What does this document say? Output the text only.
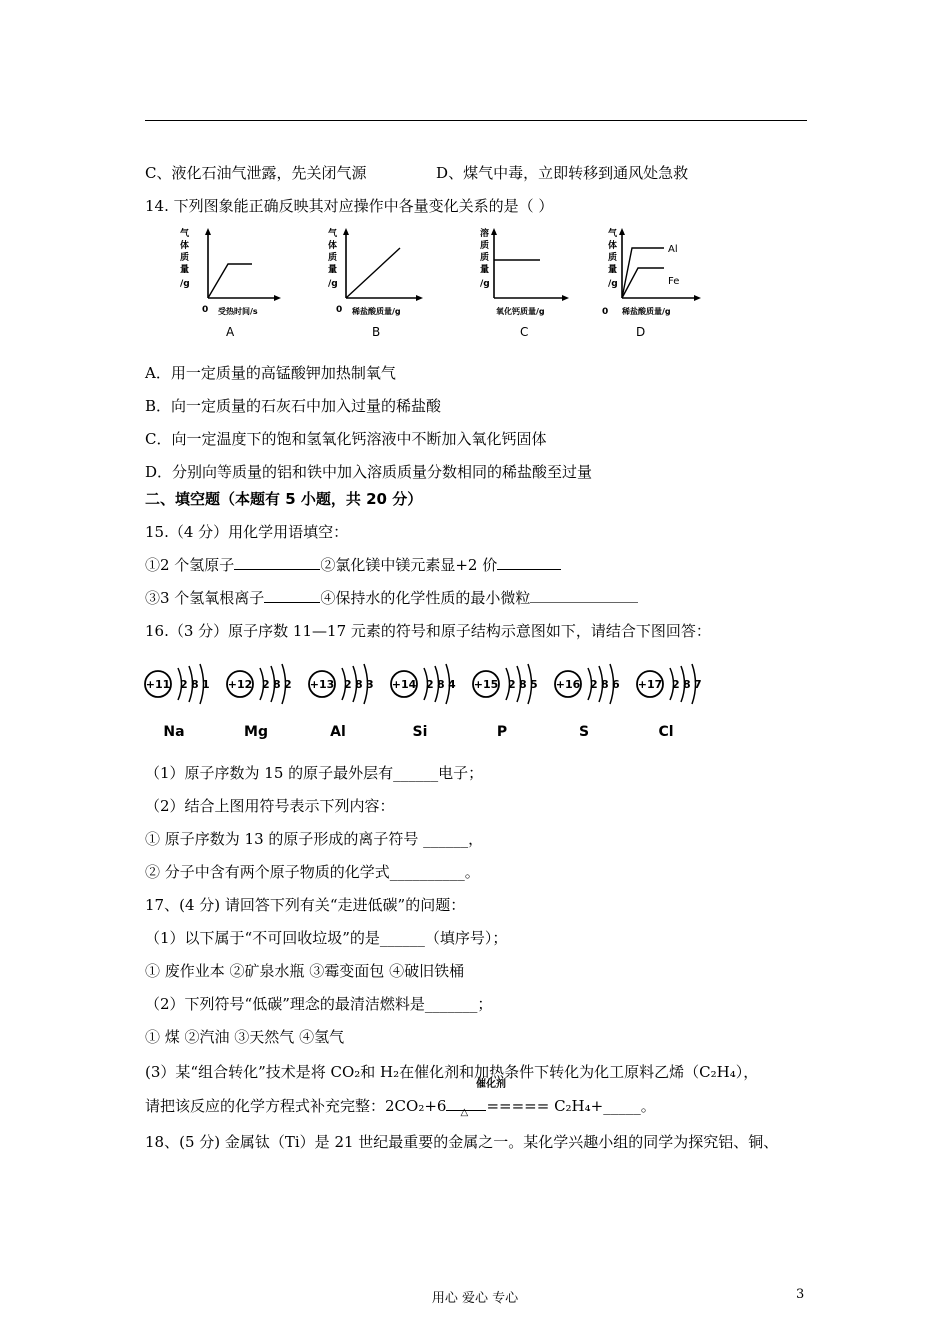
C、液化石油气泄露，先关闭气源	D、煤气中毒，立即转移到通风处急救
14. 下列图象能正确反映其对应操作中各量变化关系的是（ ）
气
体
质
量
/g
0 受热时间/s
A
气
体
质
量
/g
0 稀盐酸质量/g
B
溶
质
质
量
/g
氧化钙质量/g
C
气
体
质
量
/g
Al
Fe
0 稀盐酸质量/g
D
A．用一定质量的高锰酸钾加热制氧气
B．向一定质量的石灰石中加入过量的稀盐酸
C．向一定温度下的饱和氢氧化钙溶液中不断加入氧化钙固体
D．分别向等质量的铝和铁中加入溶质质量分数相同的稀盐酸至过量
二、填空题（本题有 5 小题，共 20 分）
15.（4 分）用化学用语填空：
①2 个氢原子	②氯化镁中镁元素显+2 价
③3 个氢氧根离子	④保持水的化学性质的最小微粒
16.（3 分）原子序数 11—17 元素的符号和原子结构示意图如下，请结合下图回答：
+11 2 8 1
Na
+12 2 8 2
Mg
+13 2 8 3
Al
+14 2 8 4
Si
+15 2 8 5
P
+16 2 8 6
S
+17 2 8 7
Cl
（1）原子序数为 15 的原子最外层有______电子；
（2）结合上图用符号表示下列内容：
① 原子序数为 13 的原子形成的离子符号 ______，
② 分子中含有两个原子物质的化学式__________。
17、(4 分) 请回答下列有关“走进低碳”的问题：
（1）以下属于“不可回收垃圾”的是______（填序号）；
① 废作业本 ②矿泉水瓶 ③霉变面包 ④破旧铁桶
（2）下列符号“低碳”理念的最清洁燃料是_______；
① 煤 ②汽油 ③天然气 ④氢气
(3）某“组合转化”技术是将 CO₂和 H₂在催化剂和加热条件下转化为化工原料乙烯（C₂H₄），
催化剂
请把该反应的化学方程式补充完整：2CO₂+6 △ ===== C₂H₄+_____。
18、(5 分) 金属钛（Ti）是 21 世纪最重要的金属之一。某化学兴趣小组的同学为探究铝、铜、
用心 爱心 专心	3
